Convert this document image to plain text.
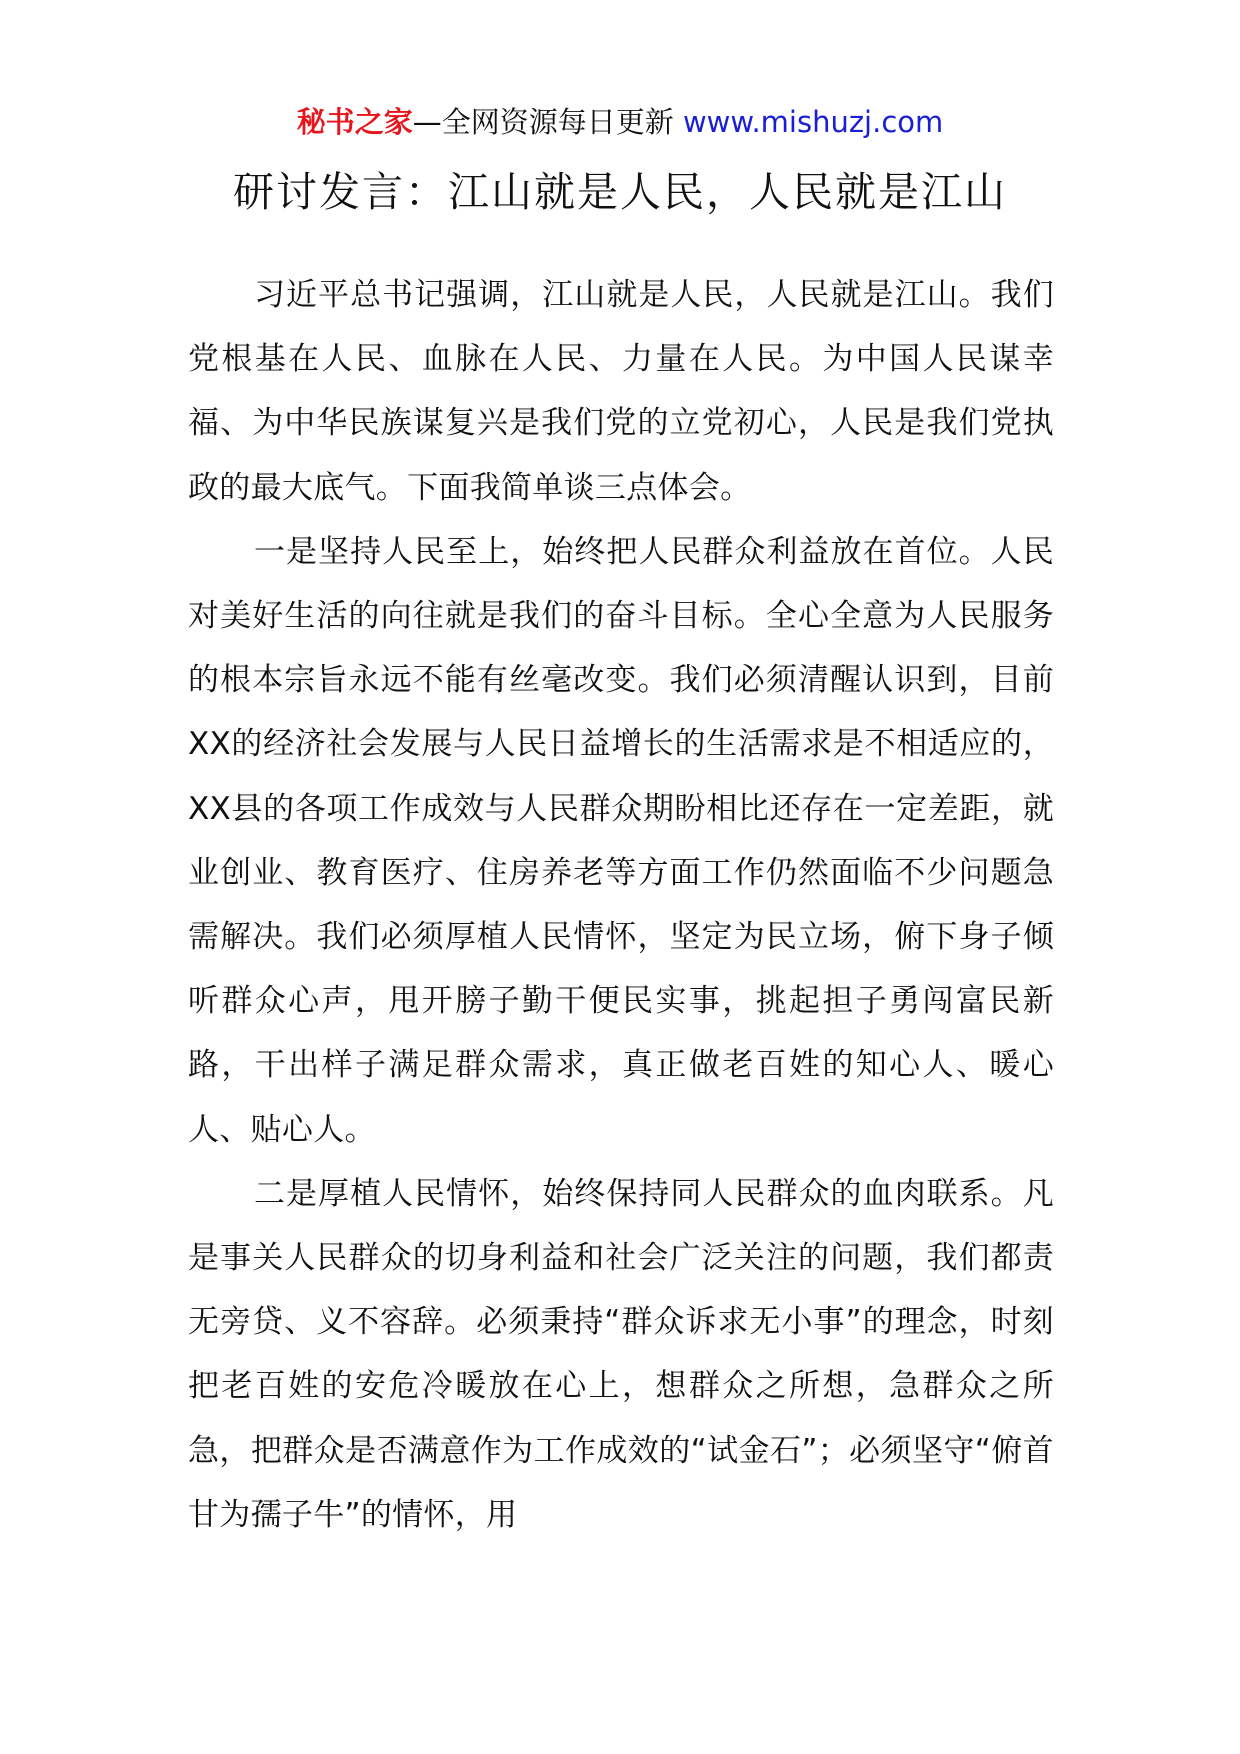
秘书之家—全网资源每日更新 www.mishuzj.com
研讨发言：江山就是人民，人民就是江山

习近平总书记强调，江山就是人民，人民就是江山。我们党根基在人民、血脉在人民、力量在人民。为中国人民谋幸福、为中华民族谋复兴是我们党的立党初心，人民是我们党执政的最大底气。下面我简单谈三点体会。

一是坚持人民至上，始终把人民群众利益放在首位。人民对美好生活的向往就是我们的奋斗目标。全心全意为人民服务的根本宗旨永远不能有丝毫改变。我们必须清醒认识到，目前XX的经济社会发展与人民日益增长的生活需求是不相适应的，XX县的各项工作成效与人民群众期盼相比还存在一定差距，就业创业、教育医疗、住房养老等方面工作仍然面临不少问题急需解决。我们必须厚植人民情怀，坚定为民立场，俯下身子倾听群众心声，甩开膀子勤干便民实事，挑起担子勇闯富民新路，干出样子满足群众需求，真正做老百姓的知心人、暖心人、贴心人。

二是厚植人民情怀，始终保持同人民群众的血肉联系。凡是事关人民群众的切身利益和社会广泛关注的问题，我们都责无旁贷、义不容辞。必须秉持“群众诉求无小事”的理念，时刻把老百姓的安危冷暖放在心上，想群众之所想，急群众之所急，把群众是否满意作为工作成效的“试金石”；必须坚守“俯首甘为孺子牛”的情怀，用
